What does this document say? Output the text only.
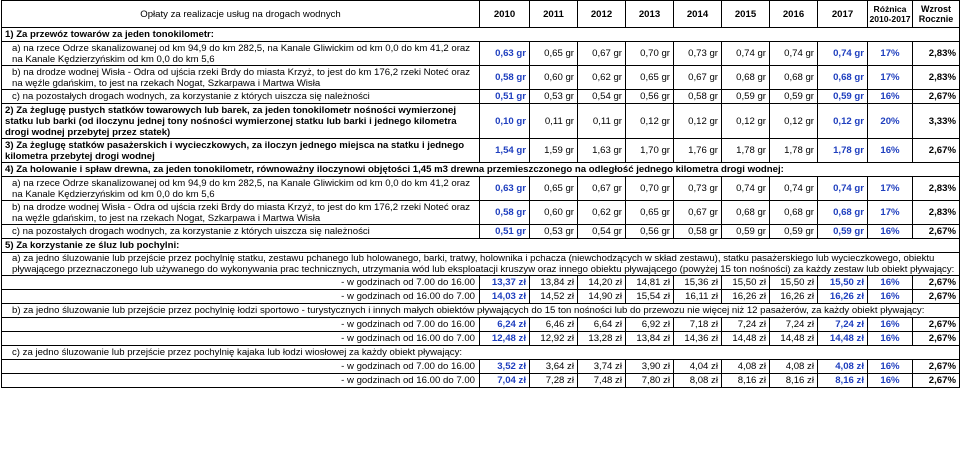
Opłaty za realizacje usług na drogach wodnych	2010	2011	2012	2013	2014	2015	2016	2017	Różnica 2010-2017	Wzrost Rocznie
1) Za przewóz towarów za jeden tonokilometr:										
a) na rzece Odrze skanalizowanej od km 94,9 do km 282,5, na Kanale Gliwickim od km 0,0 do km 41,2 oraz na Kanale Kędzierzyńskim od km 0,0 do km 5,6	0,63 gr	0,65 gr	0,67 gr	0,70 gr	0,73 gr	0,74 gr	0,74 gr	0,74 gr	17%	2,83%
b) na drodze wodnej Wisła - Odra od ujścia rzeki Brdy do miasta Krzyż, to jest do km 176,2 rzeki Noteć oraz na węźle gdańskim, to jest na rzekach Nogat, Szkarpawa i Martwa Wisła	0,58 gr	0,60 gr	0,62 gr	0,65 gr	0,67 gr	0,68 gr	0,68 gr	0,68 gr	17%	2,83%
c) na pozostałych drogach wodnych, za korzystanie z których uiszcza się należności	0,51 gr	0,53 gr	0,54 gr	0,56 gr	0,58 gr	0,59 gr	0,59 gr	0,59 gr	16%	2,67%
2) Za żeglugę pustych statków towarowych lub barek, za jeden tonokilometr nośności wymierzonej statku lub barki (od iloczynu jednej tony nośności wymierzonej statku lub barki i jednego kilometra drogi wodnej przebytej przez statek)	0,10 gr	0,11 gr	0,11 gr	0,12 gr	0,12 gr	0,12 gr	0,12 gr	0,12 gr	20%	3,33%
3) Za żeglugę statków pasażerskich i wycieczkowych, za iloczyn jednego miejsca na statku i jednego kilometra przebytej drogi wodnej	1,54 gr	1,59 gr	1,63 gr	1,70 gr	1,76 gr	1,78 gr	1,78 gr	1,78 gr	16%	2,67%
4) Za holowanie i spław drewna, za jeden tonokilometr, równoważny iloczynowi objętości 1,45 m3 drewna przemieszczonego na odległość jednego kilometra drogi wodnej:										
a) na rzece Odrze skanalizowanej od km 94,9 do km 282,5, na Kanale Gliwickim od km 0,0 do km 41,2 oraz na Kanale Kędzierzyńskim od km 0,0 do km 5,6	0,63 gr	0,65 gr	0,67 gr	0,70 gr	0,73 gr	0,74 gr	0,74 gr	0,74 gr	17%	2,83%
b) na drodze wodnej Wisła - Odra od ujścia rzeki Brdy do miasta Krzyż, to jest do km 176,2 rzeki Noteć oraz na węźle gdańskim, to jest na rzekach Nogat, Szkarpawa i Martwa Wisła	0,58 gr	0,60 gr	0,62 gr	0,65 gr	0,67 gr	0,68 gr	0,68 gr	0,68 gr	17%	2,83%
c) na pozostałych drogach wodnych, za korzystanie z których uiszcza się należności	0,51 gr	0,53 gr	0,54 gr	0,56 gr	0,58 gr	0,59 gr	0,59 gr	0,59 gr	16%	2,67%
5) Za korzystanie ze śluz lub pochylni:										
a) za jedno śluzowanie lub przejście przez pochylnię statku, zestawu pchanego lub holowanego, barki, tratwy, holownika i pchacza (niewchodzących w skład zestawu), statku pasażerskiego lub wycieczkowego, obiektu pływającego przeznaczonego lub używanego do wykonywania prac technicznych, utrzymania wód lub eksploatacji kruszyw oraz innego obiektu pływającego (powyżej 15 ton nośności) za każdy zestaw lub obiekt pływający:										
- w godzinach od 7.00 do 16.00	13,37 zł	13,84 zł	14,20 zł	14,81 zł	15,36 zł	15,50 zł	15,50 zł	15,50 zł	16%	2,67%
- w godzinach od 16.00 do 7.00	14,03 zł	14,52 zł	14,90 zł	15,54 zł	16,11 zł	16,26 zł	16,26 zł	16,26 zł	16%	2,67%
b) za jedno śluzowanie lub przejście przez pochylnię łodzi sportowo - turystycznych i innych małych obiektów pływających do 15 ton nośności lub do przewozu nie więcej niż 12 pasażerów, za każdy obiekt pływający:										
- w godzinach od 7.00 do 16.00	6,24 zł	6,46 zł	6,64 zł	6,92 zł	7,18 zł	7,24 zł	7,24 zł	7,24 zł	16%	2,67%
- w godzinach od 16.00 do 7.00	12,48 zł	12,92 zł	13,28 zł	13,84 zł	14,36 zł	14,48 zł	14,48 zł	14,48 zł	16%	2,67%
c) za jedno śluzowanie lub przejście przez pochylnię kajaka lub łodzi wiosłowej za każdy obiekt pływający:										
- w godzinach od 7.00 do 16.00	3,52 zł	3,64 zł	3,74 zł	3,90 zł	4,04 zł	4,08 zł	4,08 zł	4,08 zł	16%	2,67%
- w godzinach od 16.00 do 7.00	7,04 zł	7,28 zł	7,48 zł	7,80 zł	8,08 zł	8,16 zł	8,16 zł	8,16 zł	16%	2,67%
